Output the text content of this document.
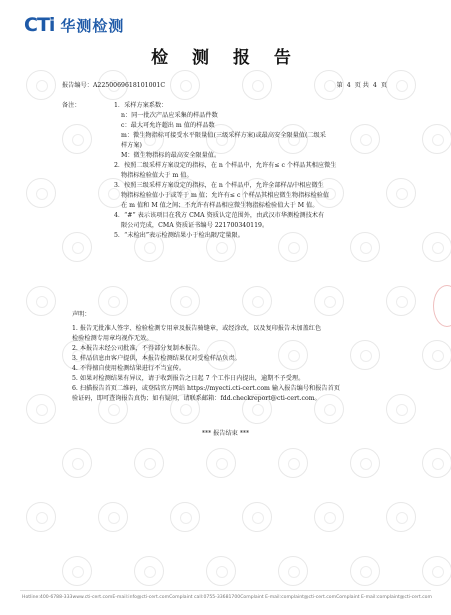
CTi 华测检测
检 测 报 告
报告编号：A2250069618101001C	第 4 页 共 4 页
备注：	1．采样方案系数：

n：同一批次产品应采集的样品件数

c：最大可允许超出 m 值的样品数

m：微生物指标可接受水平限量值(三级采样方案)或最高安全限量值(二级采

样方案)

M：微生物指标的最高安全限量值。

2．按照二级采样方案设定的指标，在 n 个样品中，允许有≤ c 个样品其相应微生

物指标检验值大于 m 值。

3．按照三级采样方案设定的指标，在 n 个样品中，允许全部样品中相应微生

物指标检验值小于或等于 m 值；允许有≤ c 个样品其相应微生物指标检验值

在 m 值和 M 值之间；不允许有样品相应微生物指标检验值大于 M 值。

4．“#” 表示该项目在我方 CMA 资质认定范围外，由武汉市华测检测技术有

限公司完成，CMA 资质证书编号 221700340119。

5．“未检出”表示检测结果小于检出限/定量限。

声明：

1. 报告无批准人签字、检验检测专用章及报告骑缝章，或经涂改，以及复印报告未加盖红色

检验检测专用章均视作无效。

2. 本报告未经公司批准，不得部分复制本报告。

3. 样品信息由客户提供，本报告检测结果仅对受检样品负责。

4. 不得擅自使用检测结果进行不当宣传。

5. 如果对检测结果有异议，请于收到报告之日起 7 个工作日内提出，逾期不予受理。

6. 扫描报告首页二维码，或登陆官方网站 https://myecti.cti-cert.com 输入报告编号和报告首页

验证码，即可查询报告真伪；如有疑问，请联系邮箱：fdd.checkreport@cti-cert.com。

*** 报告结束 ***
Hotline:400-6788-333 www.cti-cert.com E-mail:info@cti-cert.com Complaint call:0755-33681700 Complaint E-mail:complaint@cti-cert.com Complaint E-mail:complaint@cti-cert.com
